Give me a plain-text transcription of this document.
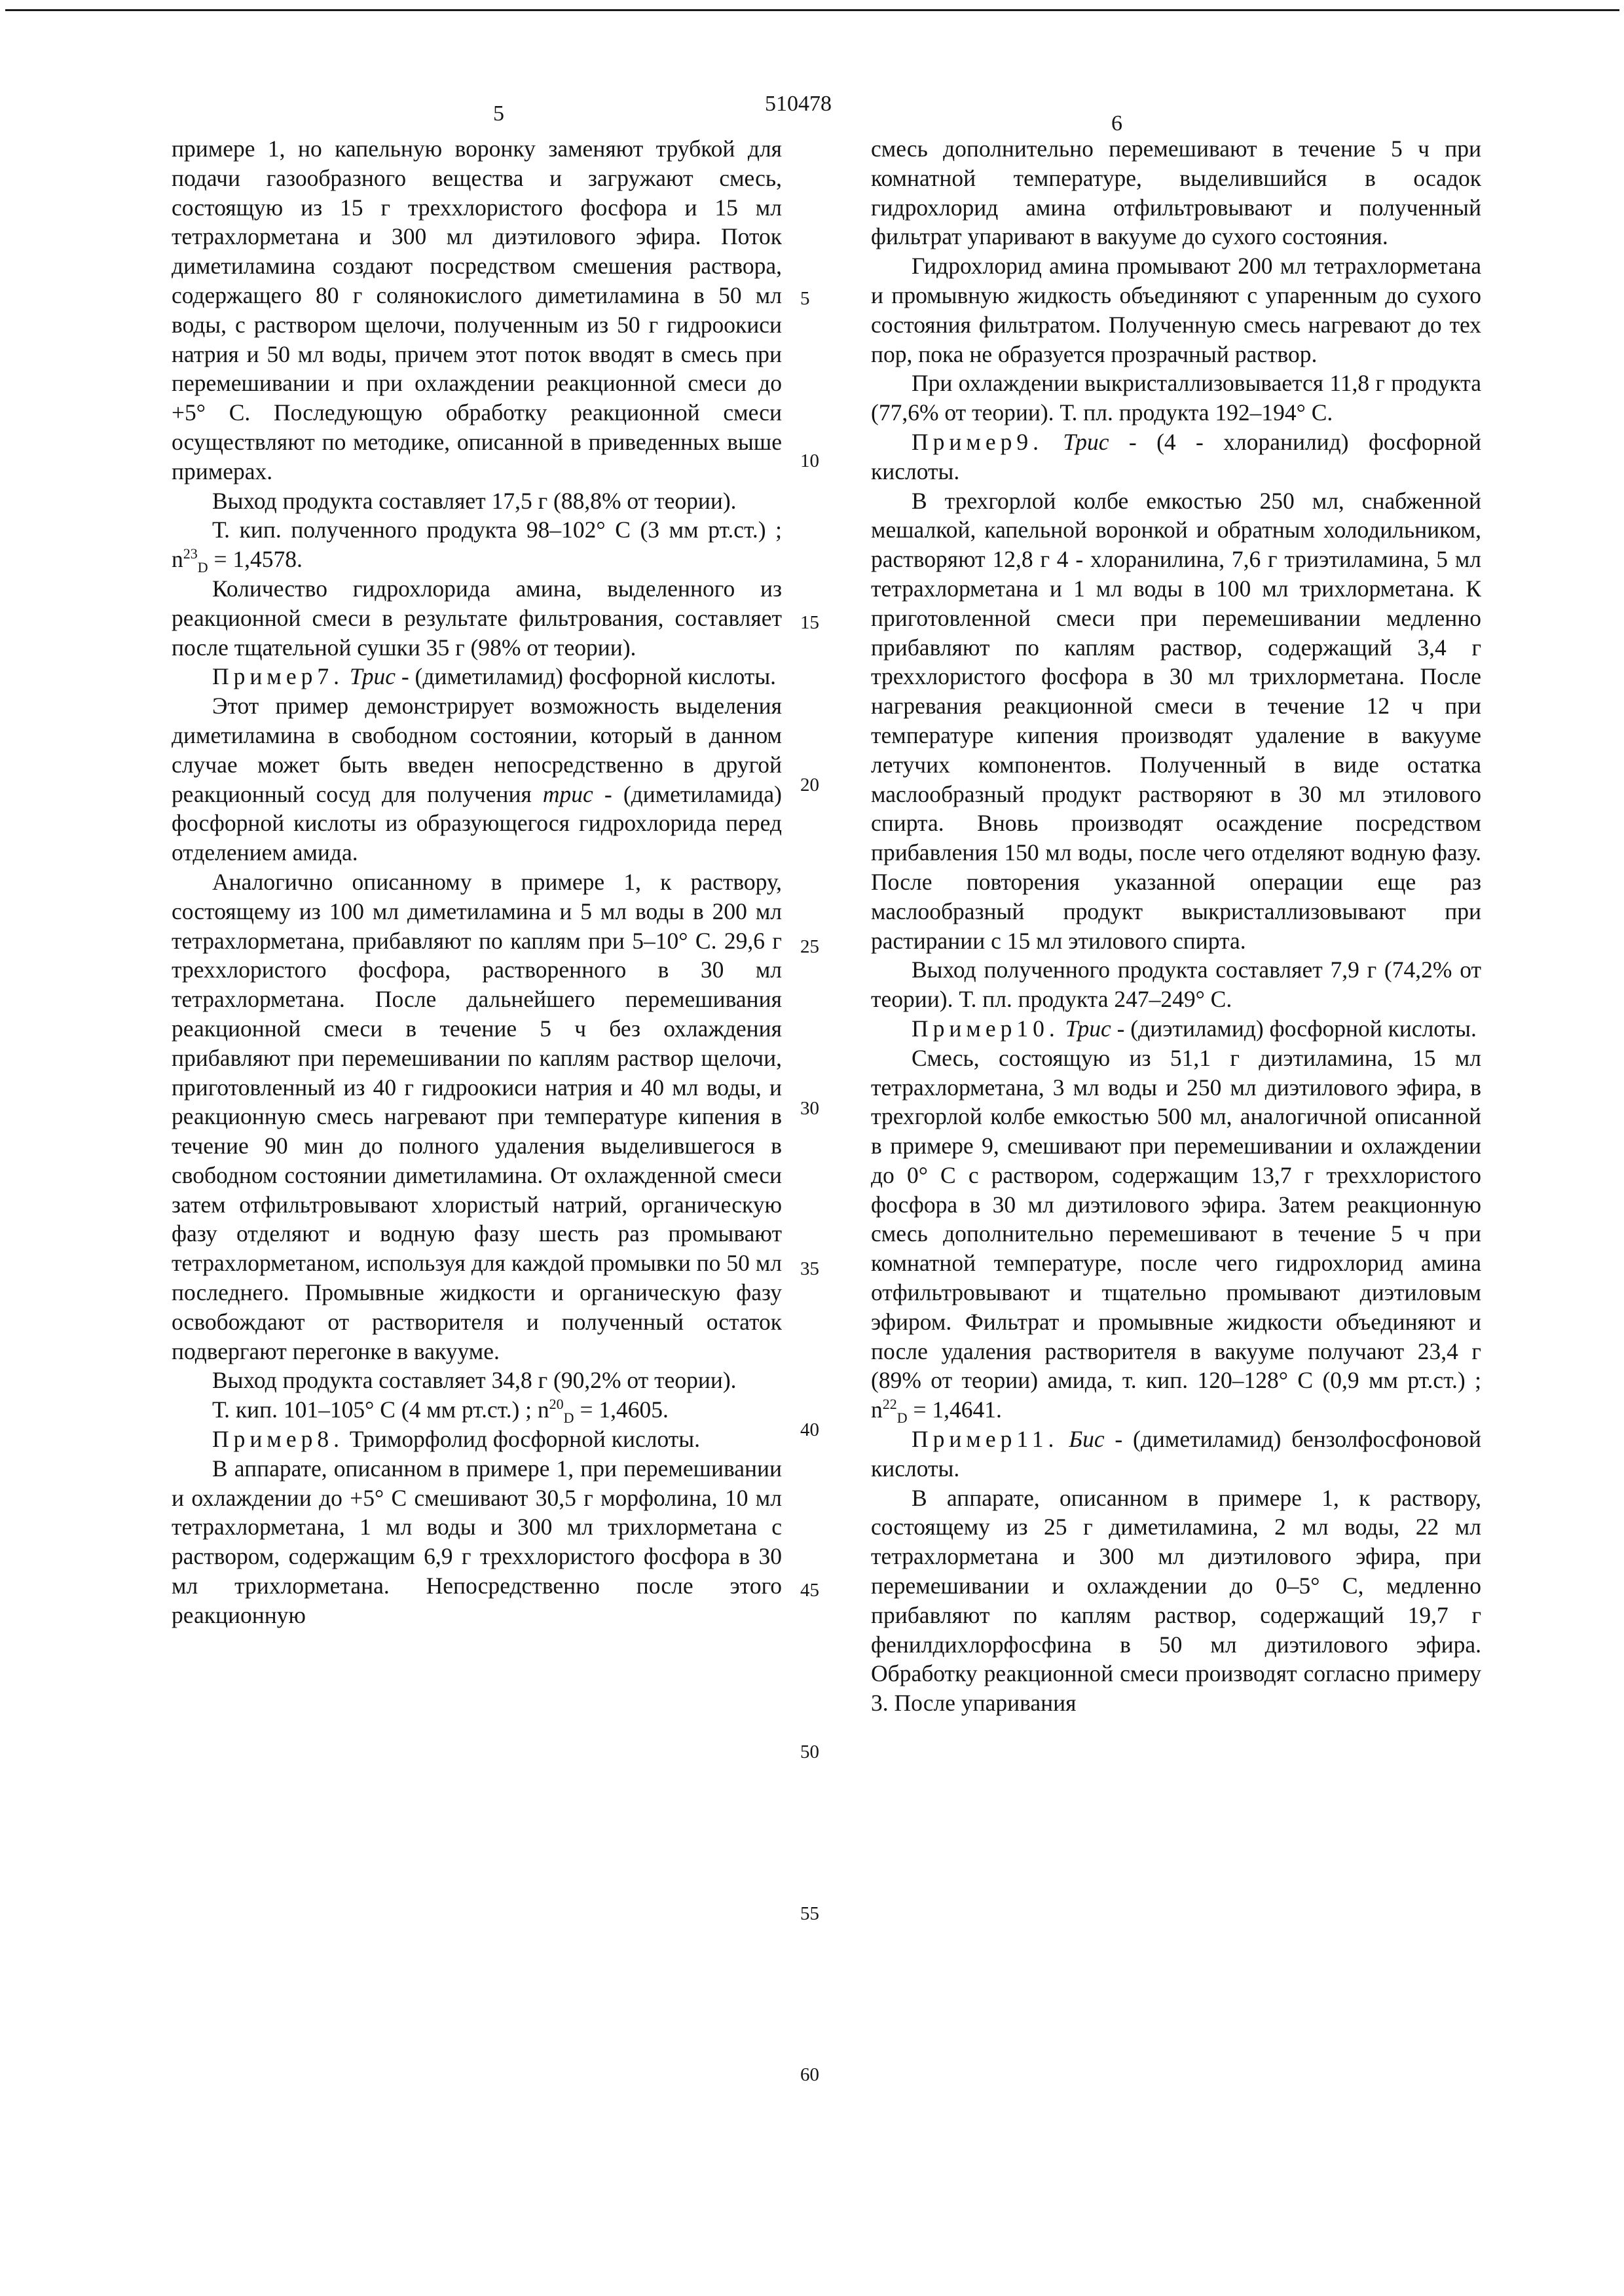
5	510478
6
5
10
15
20
25
30
35
40
45
50
55
60

примере 1, но капельную воронку заменяют трубкой для подачи газообразного вещества и загружают смесь, состоящую из 15 г треххлористого фосфора и 15 мл тетрахлорметана и 300 мл диэтилового эфира. Поток диметиламина создают посредством смешения раствора, содержащего 80 г солянокислого диметиламина в 50 мл воды, с раствором щелочи, полученным из 50 г гидроокиси натрия и 50 мл воды, причем этот поток вводят в смесь при перемешивании и при охлаждении реакционной смеси до +5° С. Последующую обработку реакционной смеси осуществляют по методике, описанной в приведенных выше примерах.

Выход продукта составляет 17,5 г (88,8% от теории).

Т. кип. полученного продукта 98–102° С (3 мм рт.ст.) ; $n^{23}_D = 1,4578$.

Количество гидрохлорида амина, выделенного из реакционной смеси в результате фильтрования, составляет после тщательной сушки 35 г (98% от теории).

Пример7. Трис - (диметиламид) фосфорной кислоты.

Этот пример демонстрирует возможность выделения диметиламина в свободном состоянии, который в данном случае может быть введен непосредственно в другой реакционный сосуд для получения трис - (диметиламида) фосфорной кислоты из образующегося гидрохлорида перед отделением амида.

Аналогично описанному в примере 1, к раствору, состоящему из 100 мл диметиламина и 5 мл воды в 200 мл тетрахлорметана, прибавляют по каплям при 5–10° С. 29,6 г треххлористого фосфора, растворенного в 30 мл тетрахлорметана. После дальнейшего перемешивания реакционной смеси в течение 5 ч без охлаждения прибавляют при перемешивании по каплям раствор щелочи, приготовленный из 40 г гидроокиси натрия и 40 мл воды, и реакционную смесь нагревают при температуре кипения в течение 90 мин до полного удаления выделившегося в свободном состоянии диметиламина. От охлажденной смеси затем отфильтровывают хлористый натрий, органическую фазу отделяют и водную фазу шесть раз промывают тетрахлорметаном, используя для каждой промывки по 50 мл последнего. Промывные жидкости и органическую фазу освобождают от растворителя и полученный остаток подвергают перегонке в вакууме.

Выход продукта составляет 34,8 г (90,2% от теории).

Т. кип. 101–105° С (4 мм рт.ст.) ; $n^{20}_D = 1,4605$.

Пример8. Триморфолид фосфорной кислоты.

В аппарате, описанном в примере 1, при перемешивании и охлаждении до +5° С смешивают 30,5 г морфолина, 10 мл тетрахлорметана, 1 мл воды и 300 мл трихлорметана с раствором, содержащим 6,9 г треххлористого фосфора в 30 мл трихлорметана. Непосредственно после этого реакционную

смесь дополнительно перемешивают в течение 5 ч при комнатной температуре, выделившийся в осадок гидрохлорид амина отфильтровывают и полученный фильтрат упаривают в вакууме до сухого состояния.

Гидрохлорид амина промывают 200 мл тетрахлорметана и промывную жидкость объединяют с упаренным до сухого состояния фильтратом. Полученную смесь нагревают до тех пор, пока не образуется прозрачный раствор.

При охлаждении выкристаллизовывается 11,8 г продукта (77,6% от теории). Т. пл. продукта 192–194° С.

Пример9. Трис - (4 - хлоранилид) фосфорной кислоты.

В трехгорлой колбе емкостью 250 мл, снабженной мешалкой, капельной воронкой и обратным холодильником, растворяют 12,8 г 4 - хлоранилина, 7,6 г триэтиламина, 5 мл тетрахлорметана и 1 мл воды в 100 мл трихлорметана. К приготовленной смеси при перемешивании медленно прибавляют по каплям раствор, содержащий 3,4 г треххлористого фосфора в 30 мл трихлорметана. После нагревания реакционной смеси в течение 12 ч при температуре кипения производят удаление в вакууме летучих компонентов. Полученный в виде остатка маслообразный продукт растворяют в 30 мл этилового спирта. Вновь производят осаждение посредством прибавления 150 мл воды, после чего отделяют водную фазу. После повторения указанной операции еще раз маслообразный продукт выкристаллизовывают при растирании с 15 мл этилового спирта.

Выход полученного продукта составляет 7,9 г (74,2% от теории). Т. пл. продукта 247–249° С.

Пример10. Трис - (диэтиламид) фосфорной кислоты.

Смесь, состоящую из 51,1 г диэтиламина, 15 мл тетрахлорметана, 3 мл воды и 250 мл диэтилового эфира, в трехгорлой колбе емкостью 500 мл, аналогичной описанной в примере 9, смешивают при перемешивании и охлаждении до 0° С с раствором, содержащим 13,7 г треххлористого фосфора в 30 мл диэтилового эфира. Затем реакционную смесь дополнительно перемешивают в течение 5 ч при комнатной температуре, после чего гидрохлорид амина отфильтровывают и тщательно промывают диэтиловым эфиром. Фильтрат и промывные жидкости объединяют и после удаления растворителя в вакууме получают 23,4 г (89% от теории) амида, т. кип. 120–128° С (0,9 мм рт.ст.) ; $n^{22}_D = 1,4641$.

Пример11. Бис - (диметиламид) бензолфосфоновой кислоты.

В аппарате, описанном в примере 1, к раствору, состоящему из 25 г диметиламина, 2 мл воды, 22 мл тетрахлорметана и 300 мл диэтилового эфира, при перемешивании и охлаждении до 0–5° С, медленно прибавляют по каплям раствор, содержащий 19,7 г фенилдихлорфосфина в 50 мл диэтилового эфира. Обработку реакционной смеси производят согласно примеру 3. После упаривания
